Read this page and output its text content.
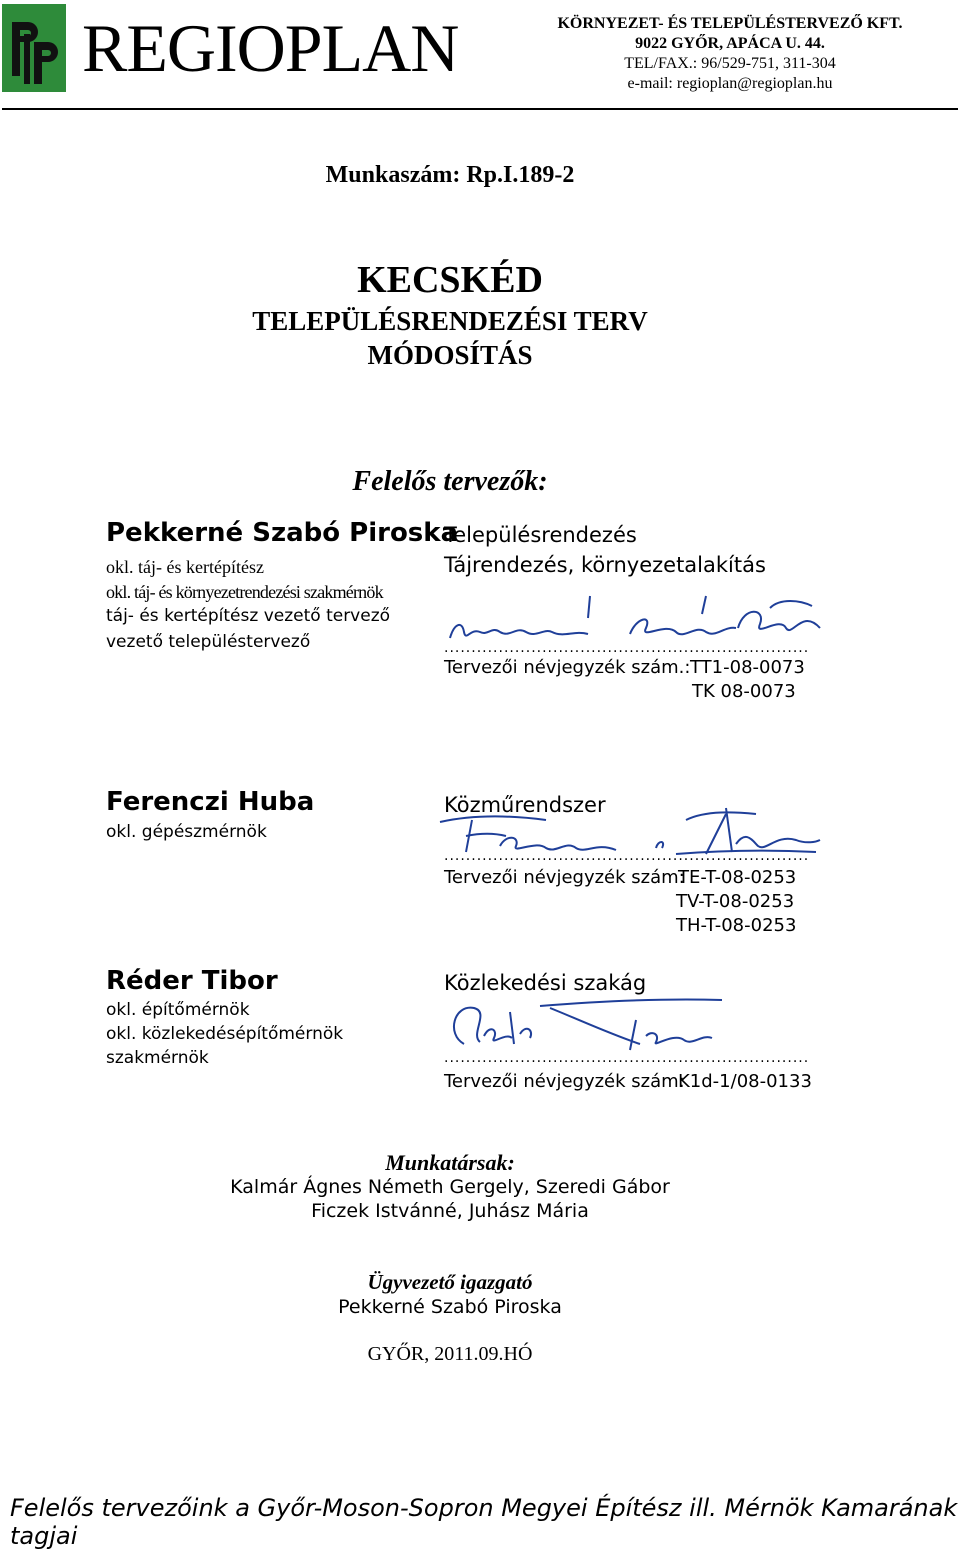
REGIOPLAN	KÖRNYEZET- ÉS TELEPÜLÉSTERVEZŐ KFT.
9022 GYŐR, APÁCA U. 44.
TEL/FAX.: 96/529-751, 311-304
e-mail: regioplan@regioplan.hu
Munkaszám: Rp.I.189-2
KECSKÉD
TELEPÜLÉSRENDEZÉSI TERV
MÓDOSÍTÁS
Felelős tervezők:
Pekkerné Szabó Piroska
okl. táj- és kertépítész
okl. táj- és környezetrendezési szakmérnök
táj- és kertépítész vezető tervező
vezető településtervező
Településrendezés
Tájrendezés, környezetalakítás
...................................................................
Tervezői névjegyzék szám.: TT1-08-0073
TK 08-0073
Ferenczi Huba
okl. gépészmérnök
Közműrendszer
...................................................................
Tervezői névjegyzék szám:
TE-T-08-0253
TV-T-08-0253
TH-T-08-0253
Réder Tibor
okl. építőmérnök
okl. közlekedésépítőmérnök
szakmérnök
Közlekedési szakág
...................................................................
Tervezői névjegyzék szám:
K1d-1/08-0133
Munkatársak:
Kalmár Ágnes Németh Gergely, Szeredi Gábor
Ficzek Istvánné, Juhász Mária
Ügyvezető igazgató
Pekkerné Szabó Piroska
GYŐR, 2011.09.HÓ
Felelős tervezőink a Győr-Moson-Sopron Megyei Építész ill. Mérnök Kamarának tagjai
